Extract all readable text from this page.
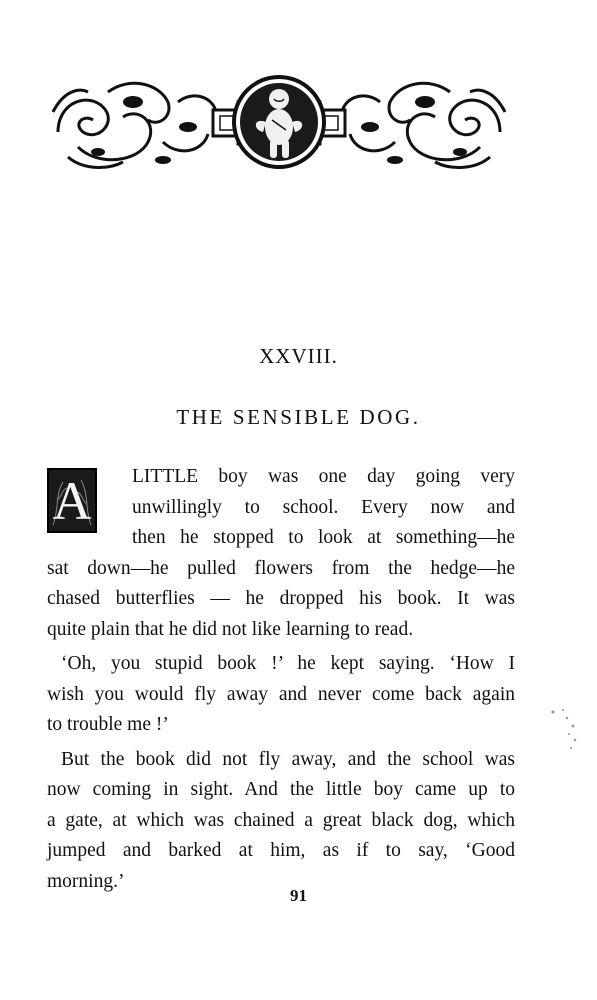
XXVIII.
THE SENSIBLE DOG.
A LITTLE boy was one day going very
unwillingly to school. Every now and
then he stopped to look at something—he
sat down—he pulled flowers from the hedge—he
chased butterflies — he dropped his book. It was
quite plain that he did not like learning to read.
‘Oh, you stupid book !’ he kept saying. ‘How I
wish you would fly away and never come back again
to trouble me !’
But the book did not fly away, and the school was
now coming in sight. And the little boy came up to
a gate, at which was chained a great black dog, which
jumped and barked at him, as if to say, ‘Good
morning.’
91
